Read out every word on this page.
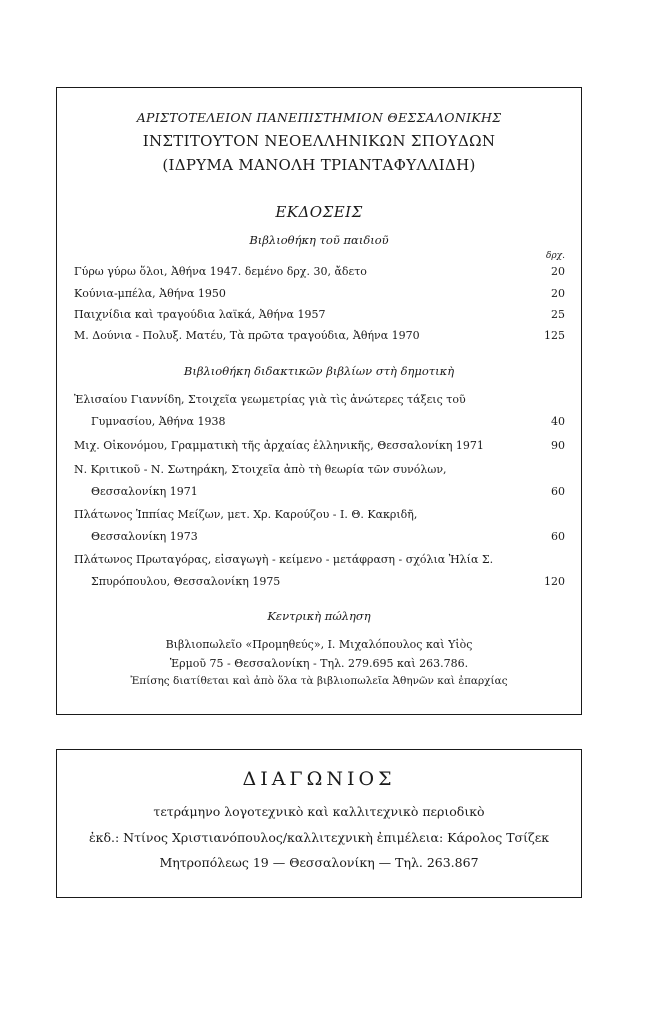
ΑΡΙΣΤΟΤΕΛΕΙΟΝ ΠΑΝΕΠΙΣΤΗΜΙΟΝ ΘΕΣΣΑΛΟΝΙΚΗΣ
ΙΝΣΤΙΤΟΥΤΟΝ ΝΕΟΕΛΛΗΝΙΚΩΝ ΣΠΟΥΔΩΝ
(ΙΔΡΥΜΑ ΜΑΝΟΛΗ ΤΡΙΑΝΤΑΦΥΛΛΙΔΗ)
ΕΚΔΟΣΕΙΣ
Βιβλιοθήκη τοῦ παιδιοῦ
δρχ.
Γύρω γύρω ὅλοι, Ἀθήνα 1947. δεμένο δρχ. 30, ἄδετο	20
Κούνια-μπέλα, Ἀθήνα 1950	20
Παιχνίδια καὶ τραγούδια λαϊκά, Ἀθήνα 1957	25
Μ. Δούνια - Πολυξ. Ματέυ, Τὰ πρῶτα τραγούδια, Ἀθήνα 1970	125
Βιβλιοθήκη διδακτικῶν βιβλίων στὴ δημοτικὴ
Ἐλισαίου Γιαννίδη, Στοιχεῖα γεωμετρίας γιὰ τὶς ἀνώτερες τάξεις τοῦ
Γυμνασίου, Ἀθήνα 1938	40
Μιχ. Οἰκονόμου, Γραμματικὴ τῆς ἀρχαίας ἑλληνικῆς, Θεσσαλονίκη 1971	90
Ν. Κριτικοῦ - Ν. Σωτηράκη, Στοιχεῖα ἀπὸ τὴ θεωρία τῶν συνόλων,
Θεσσαλονίκη 1971	60
Πλάτωνος Ἱππίας Μείζων, μετ. Χρ. Καρούζου - Ι. Θ. Κακριδῆ,
Θεσσαλονίκη 1973	60
Πλάτωνος Πρωταγόρας, εἰσαγωγὴ - κείμενο - μετάφραση - σχόλια Ἠλία Σ.
Σπυρόπουλου, Θεσσαλονίκη 1975	120
Κεντρικὴ πώληση
Βιβλιοπωλεῖο «Προμηθεύς», Ι. Μιχαλόπουλος καὶ Υἱὸς
Ἑρμοῦ 75 - Θεσσαλονίκη - Τηλ. 279.695 καὶ 263.786.
Ἐπίσης διατίθεται καὶ ἀπὸ ὅλα τὰ βιβλιοπωλεῖα Ἀθηνῶν καὶ ἐπαρχίας
ΔΙΑΓΩΝΙΟΣ
τετράμηνο λογοτεχνικὸ καὶ καλλιτεχνικὸ περιοδικὸ
ἐκδ.: Ντίνος Χριστιανόπουλος/καλλιτεχνικὴ ἐπιμέλεια: Κάρολος Τσίζεκ
Μητροπόλεως 19 — Θεσσαλονίκη — Τηλ. 263.867
